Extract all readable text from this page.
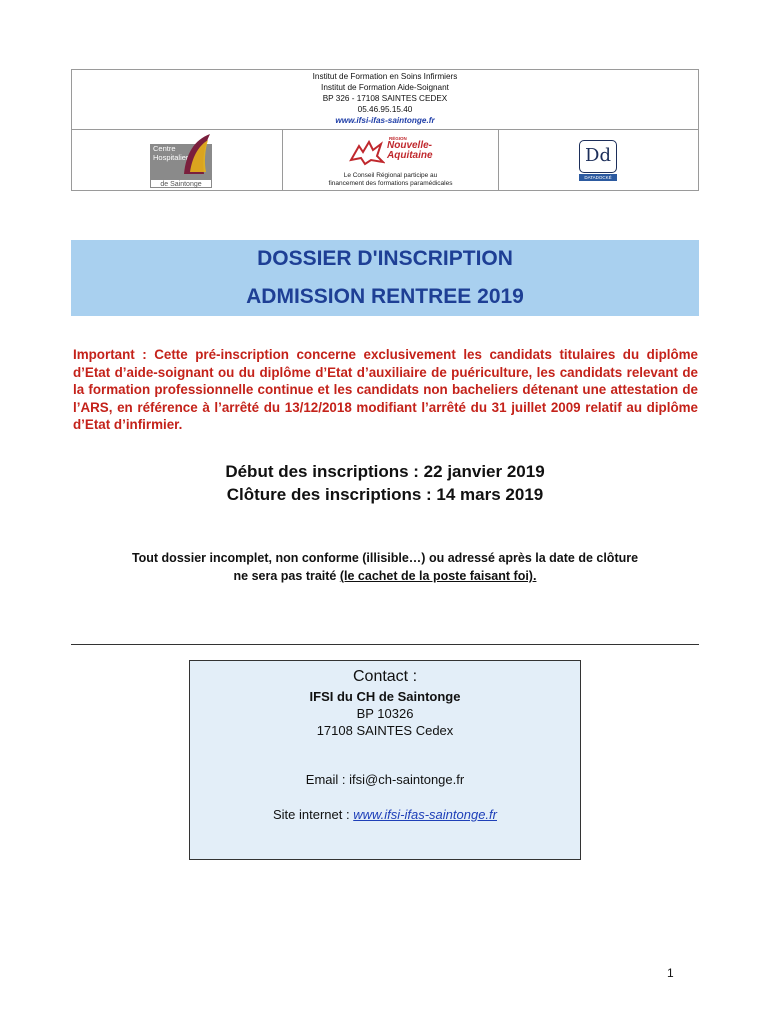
Institut de Formation en Soins Infirmiers
Institut de Formation Aide-Soignant
BP 326 - 17108 SAINTES CEDEX
05.46.95.15.40
www.ifsi-ifas-saintonge.fr
Centre
Hospitalier
de Saintonge
RÉGION
Nouvelle-
Aquitaine
Le Conseil Régional participe au
financement des formations paramédicales
Dd
DATADOCKÉ
DOSSIER D'INSCRIPTION
ADMISSION RENTREE 2019
Important : Cette pré-inscription concerne exclusivement les candidats titulaires du diplôme d’Etat d’aide-soignant ou du diplôme d’Etat d’auxiliaire de puériculture, les candidats relevant de la formation professionnelle continue et les candidats non bacheliers détenant une attestation de l’ARS, en référence à l’arrêté du 13/12/2018 modifiant l’arrêté du 31 juillet 2009 relatif au diplôme d’Etat d’infirmier.
Début des inscriptions : 22 janvier 2019
Clôture des inscriptions : 14 mars 2019
Tout dossier incomplet, non conforme (illisible…) ou adressé après la date de clôture
ne sera pas traité (le cachet de la poste faisant foi).
Contact :
IFSI du CH de Saintonge
BP 10326
17108 SAINTES Cedex
Email : ifsi@ch-saintonge.fr
Site internet : www.ifsi-ifas-saintonge.fr
1
